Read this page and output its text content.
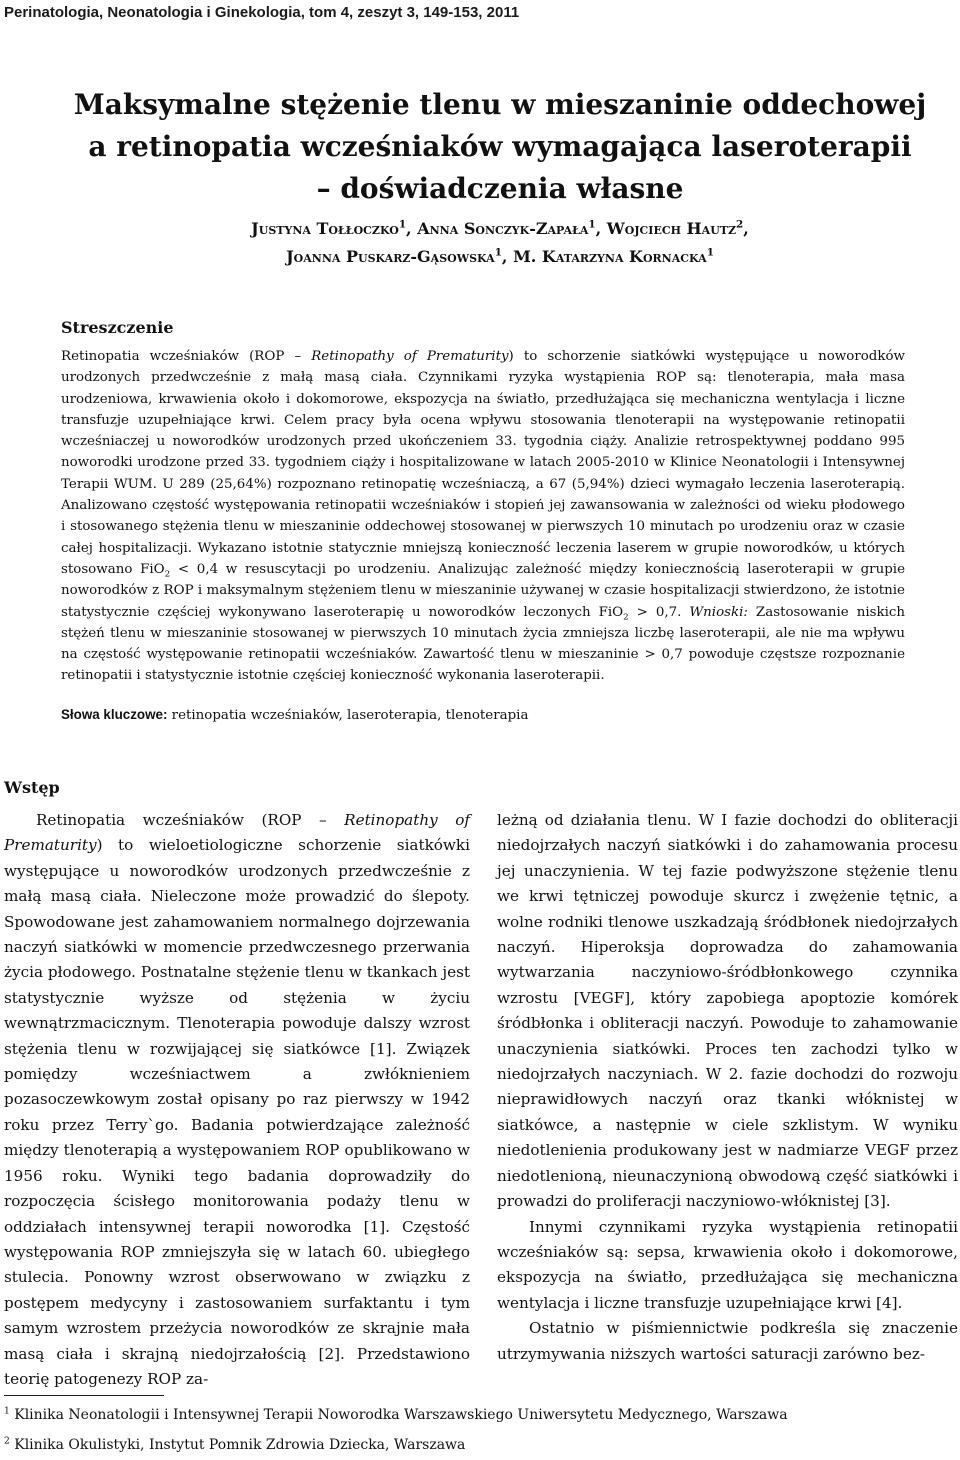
Perinatologia, Neonatologia i Ginekologia, tom 4, zeszyt 3, 149-153, 2011
Maksymalne stężenie tlenu w mieszaninie oddechowej
a retinopatia wcześniaków wymagająca laseroterapii
– doświadczenia własne
Justyna Tołłoczko$^1$, Anna Sonczyk-Zapała$^1$, Wojciech Hautz$^2$,
Joanna Puskarz-Gąsowska$^1$, M. Katarzyna Kornacka$^1$
Streszczenie

Retinopatia wcześniaków (ROP – Retinopathy of Prematurity) to schorzenie siatkówki występujące u noworodków urodzonych przedwcześnie z małą masą ciała. Czynnikami ryzyka wystąpienia ROP są: tlenoterapia, mała masa urodzeniowa, krwawienia około i dokomorowe, ekspozycja na światło, przedłużająca się mechaniczna wentylacja i liczne transfuzje uzupełniające krwi. Celem pracy była ocena wpływu stosowania tlenoterapii na występowanie retinopatii wcześniaczej u noworodków urodzonych przed ukończeniem 33. tygodnia ciąży. Analizie retrospektywnej poddano 995 noworodki urodzone przed 33. tygodniem ciąży i hospitalizowane w latach 2005-2010 w Klinice Neonatologii i Intensywnej Terapii WUM. U 289 (25,64%) rozpoznano retinopatię wcześniaczą, a 67 (5,94%) dzieci wymagało leczenia laseroterapią. Analizowano częstość występowania retinopatii wcześniaków i stopień jej zawansowania w zależności od wieku płodowego i stosowanego stężenia tlenu w mieszaninie oddechowej stosowanej w pierwszych 10 minutach po urodzeniu oraz w czasie całej hospitalizacji. Wykazano istotnie statycznie mniejszą konieczność leczenia laserem w grupie noworodków, u których stosowano FiO$_2$ < 0,4 w resuscytacji po urodzeniu. Analizując zależność między koniecznością laseroterapii w grupie noworodków z ROP i maksymalnym stężeniem tlenu w mieszaninie używanej w czasie hospitalizacji stwierdzono, że istotnie statystycznie częściej wykonywano laseroterapię u noworodków leczonych FiO$_2$ > 0,7. Wnioski: Zastosowanie niskich stężeń tlenu w mieszaninie stosowanej w pierwszych 10 minutach życia zmniejsza liczbę laseroterapii, ale nie ma wpływu na częstość występowanie retinopatii wcześniaków. Zawartość tlenu w mieszaninie > 0,7 powoduje częstsze rozpoznanie retinopatii i statystycznie istotnie częściej konieczność wykonania laseroterapii.

Słowa kluczowe: retinopatia wcześniaków, laseroterapia, tlenoterapia

Wstęp

Retinopatia wcześniaków (ROP – Retinopathy of Prematurity) to wieloetiologiczne schorzenie siatkówki występujące u noworodków urodzonych przedwcześnie z małą masą ciała. Nieleczone może prowadzić do ślepoty. Spowodowane jest zahamowaniem normalnego dojrzewania naczyń siatkówki w momencie przedwczesnego przerwania życia płodowego. Postnatalne stężenie tlenu w tkankach jest statystycznie wyższe od stężenia w życiu wewnątrzmacicznym. Tlenoterapia powoduje dalszy wzrost stężenia tlenu w rozwijającej się siatkówce [1]. Związek pomiędzy wcześniactwem a zwłóknieniem pozasoczewkowym został opisany po raz pierwszy w 1942 roku przez Terry`go. Badania potwierdzające zależność między tlenoterapią a występowaniem ROP opublikowano w 1956 roku. Wyniki tego badania doprowadziły do rozpoczęcia ścisłego monitorowania podaży tlenu w oddziałach intensywnej terapii noworodka [1]. Częstość występowania ROP zmniejszyła się w latach 60. ubiegłego stulecia. Ponowny wzrost obserwowano w związku z postępem medycyny i zastosowaniem surfaktantu i tym samym wzrostem przeżycia noworodków ze skrajnie mała masą ciała i skrajną niedojrzałością [2]. Przedstawiono teorię patogenezy ROP za-

leżną od działania tlenu. W I fazie dochodzi do obliteracji niedojrzałych naczyń siatkówki i do zahamowania procesu jej unaczynienia. W tej fazie podwyższone stężenie tlenu we krwi tętniczej powoduje skurcz i zwężenie tętnic, a wolne rodniki tlenowe uszkadzają śródbłonek niedojrzałych naczyń. Hiperoksja doprowadza do zahamowania wytwarzania naczyniowo-śródbłonkowego czynnika wzrostu [VEGF], który zapobiega apoptozie komórek śródbłonka i obliteracji naczyń. Powoduje to zahamowanie unaczynienia siatkówki. Proces ten zachodzi tylko w niedojrzałych naczyniach. W 2. fazie dochodzi do rozwoju nieprawidłowych naczyń oraz tkanki włóknistej w siatkówce, a następnie w ciele szklistym. W wyniku niedotlenienia produkowany jest w nadmiarze VEGF przez niedotlenioną, nieunaczynioną obwodową część siatkówki i prowadzi do proliferacji naczyniowo-włóknistej [3].

Innymi czynnikami ryzyka wystąpienia retinopatii wcześniaków są: sepsa, krwawienia około i dokomorowe, ekspozycja na światło, przedłużająca się mechaniczna wentylacja i liczne transfuzje uzupełniające krwi [4].

Ostatnio w piśmiennictwie podkreśla się znaczenie utrzymywania niższych wartości saturacji zarówno bez-

$^1$ Klinika Neonatologii i Intensywnej Terapii Noworodka Warszawskiego Uniwersytetu Medycznego, Warszawa
$^2$ Klinika Okulistyki, Instytut Pomnik Zdrowia Dziecka, Warszawa
